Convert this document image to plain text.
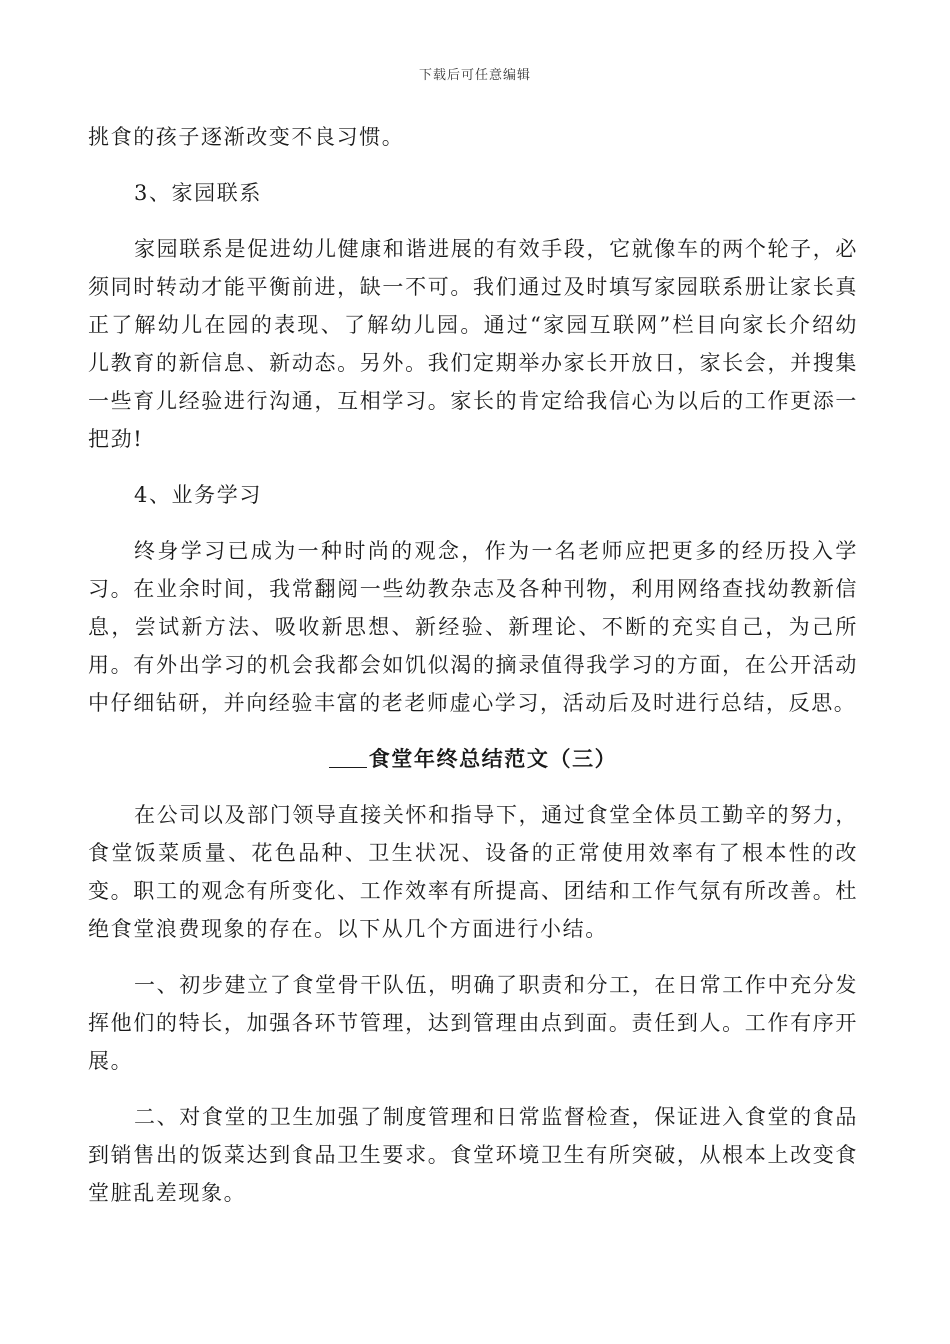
下载后可任意编辑

挑食的孩子逐渐改变不良习惯。

3、家园联系

家园联系是促进幼儿健康和谐进展的有效手段，它就像车的两个轮子，必须同时转动才能平衡前进，缺一不可。我们通过及时填写家园联系册让家长真正了解幼儿在园的表现、了解幼儿园。通过“家园互联网”栏目向家长介绍幼儿教育的新信息、新动态。另外。我们定期举办家长开放日，家长会，并搜集一些育儿经验进行沟通，互相学习。家长的肯定给我信心为以后的工作更添一把劲!

4、业务学习

终身学习已成为一种时尚的观念，作为一名老师应把更多的经历投入学习。在业余时间，我常翻阅一些幼教杂志及各种刊物，利用网络查找幼教新信息，尝试新方法、吸收新思想、新经验、新理论、不断的充实自己，为己所用。有外出学习的机会我都会如饥似渴的摘录值得我学习的方面，在公开活动中仔细钻研，并向经验丰富的老老师虚心学习，活动后及时进行总结，反思。

食堂年终总结范文（三）

在公司以及部门领导直接关怀和指导下，通过食堂全体员工勤辛的努力，食堂饭菜质量、花色品种、卫生状况、设备的正常使用效率有了根本性的改变。职工的观念有所变化、工作效率有所提高、团结和工作气氛有所改善。杜绝食堂浪费现象的存在。以下从几个方面进行小结。

一、初步建立了食堂骨干队伍，明确了职责和分工，在日常工作中充分发挥他们的特长，加强各环节管理，达到管理由点到面。责任到人。工作有序开展。

二、对食堂的卫生加强了制度管理和日常监督检查，保证进入食堂的食品到销售出的饭菜达到食品卫生要求。食堂环境卫生有所突破，从根本上改变食堂脏乱差现象。
